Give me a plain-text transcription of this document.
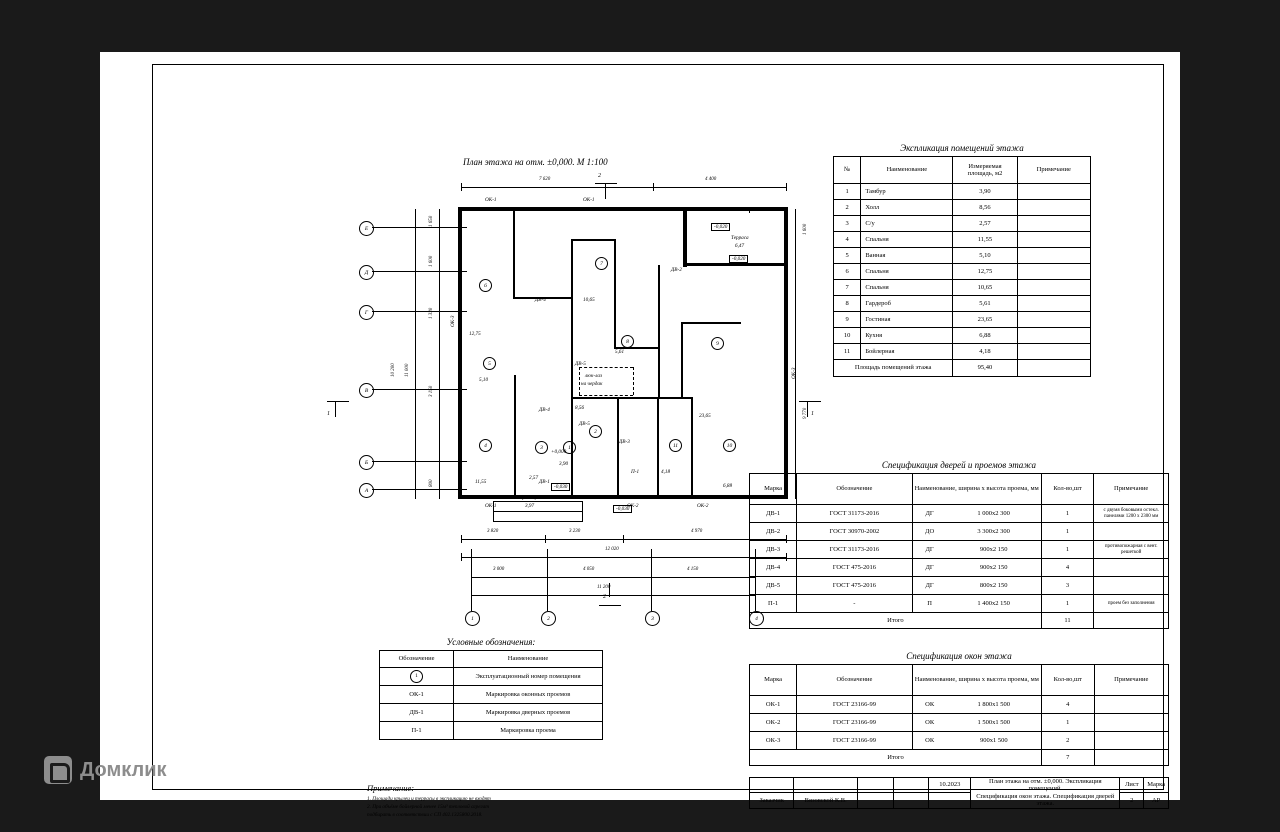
План этажа на отм. ±0,000. М 1:100
2
1	2	3	4
2
Е
Д
Г
В
Б
А
1	1
7 620	4 400
ОК-1	ОК-1
3 820	3 230	4 970
12 020
3 000	4 050	4 150
11 200
1 650
1 600
1 330
3 150
800
11 000
10 200
1 600
9 770
ОК-3
ОК-3
ОК-1	ОК-2	ОК-2
ДВ-4
ДВ-2
ДВ-5
ДВ-4
ДВ-5
ДВ-1
ДВ-3
П-1
1
2
3
4
5
6
7
8	9
10
11
3,90
8,56
2,57
11,55
5,10
12,75
10,65
5,61
23,65
6,88
4,18
+0,000
-0,020
-0,020
-0,030
-0,030
Терраса
6,47
Крыльцо
3,97
люк-лаз
на чердак
Экспликация помещений этажа
№	Наименование	Измеряемая площадь, м2	Примечание
1	Тамбур	3,90	
2	Холл	8,56	
3	С/у	2,57	
4	Спальня	11,55	
5	Ванная	5,10	
6	Спальня	12,75	
7	Спальня	10,65	
8	Гардероб	5,61	
9	Гостиная	23,65	
10	Кухня	6,88	
11	Бойлерная	4,18	
Площадь помещений этажа		95,40	
Спецификация дверей и проемов этажа
Марка	Обозначение	Наименование, ширина х высота проема, мм	Кол-во,шт	Примечание
ДВ-1	ГОСТ 31173-2016	ДГ 1 000х2 300	1	с двумя боковыми остекл. панелями 1200 х 2300 мм
ДВ-2	ГОСТ 30970-2002	ДО 3 300х2 300	1	
ДВ-3	ГОСТ 31173-2016	ДГ 900х2 150	1	противопожарная с вент. решеткой
ДВ-4	ГОСТ 475-2016	ДГ 900х2 150	4	
ДВ-5	ГОСТ 475-2016	ДГ 800х2 150	3	
П-1	-	П 1 400х2 150	1	проем без заполнения
Итого			11	
Спецификация окон этажа
Марка	Обозначение	Наименование, ширина х высота проема, мм	Кол-во,шт	Примечание
ОК-1	ГОСТ 23166-99	ОК 1 800х1 500	4	
ОК-2	ГОСТ 23166-99	ОК 1 500х1 500	1	
ОК-3	ГОСТ 23166-99	ОК 900х1 500	2	
Итого			7	
Условные обозначения:
Обозначение	Наименование
1	Эксплуатационный номер помещения
ОК-1	Маркировка оконных проемов
ДВ-1	Маркировка дверных проемов
П-1	Маркировка проема
Примечание:
1. Площади крылец и террасы в экспликацию не входят
2. При объёме бойлерной менее 15м³ тепловой агрегат
подбирать в соответствии с СП 402.1325800.2018.
				10.2023	План этажа на отм. ±0,000. Экспликация помещений.
Спецификация окон этажа. Спецификация дверей этажа.	Лист	Марка
Заказчик	Вязовской К.В.					2	АР
Домклик
